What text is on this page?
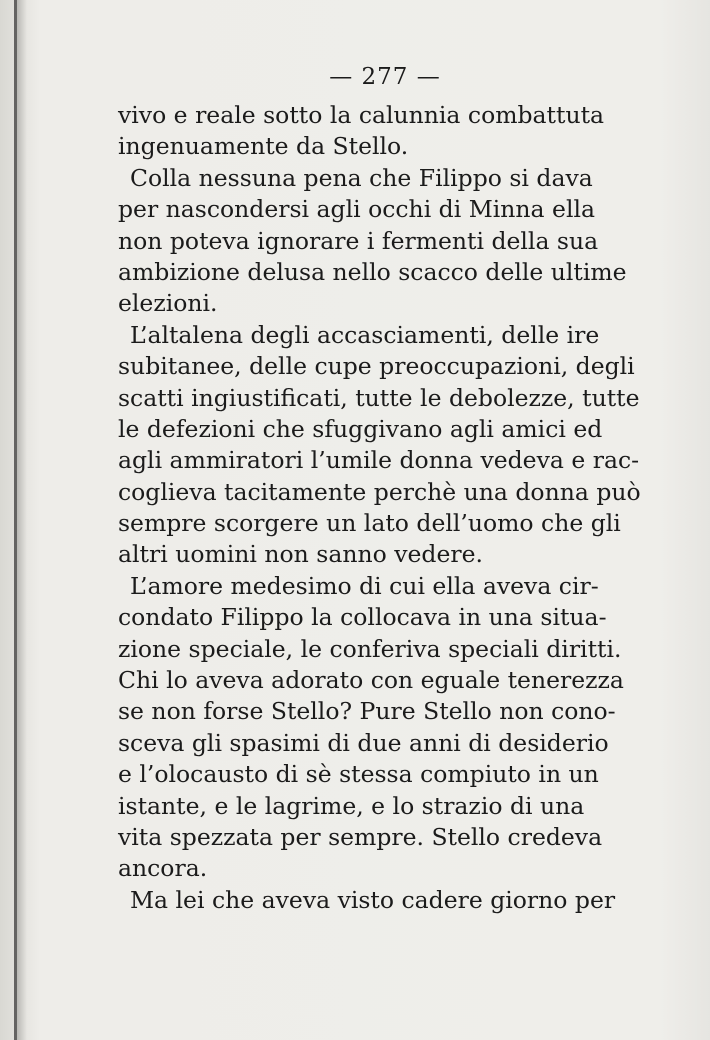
— 277 —
vivo e reale sotto la calunnia combattuta
ingenuamente da Stello.
Colla nessuna pena che Filippo si dava
per nascondersi agli occhi di Minna ella
non poteva ignorare i fermenti della sua
ambizione delusa nello scacco delle ultime
elezioni.
L’altalena degli accasciamenti, delle ire
subitanee, delle cupe preoccupazioni, degli
scatti ingiustificati, tutte le debolezze, tutte
le defezioni che sfuggivano agli amici ed
agli ammiratori l’umile donna vedeva e rac-
coglieva tacitamente perchè una donna può
sempre scorgere un lato dell’uomo che gli
altri uomini non sanno vedere.
L’amore medesimo di cui ella aveva cir-
condato Filippo la collocava in una situa-
zione speciale, le conferiva speciali diritti.
Chi lo aveva adorato con eguale tenerezza
se non forse Stello? Pure Stello non cono-
sceva gli spasimi di due anni di desiderio
e l’olocausto di sè stessa compiuto in un
istante, e le lagrime, e lo strazio di una
vita spezzata per sempre. Stello credeva
ancora.
Ma lei che aveva visto cadere giorno per
